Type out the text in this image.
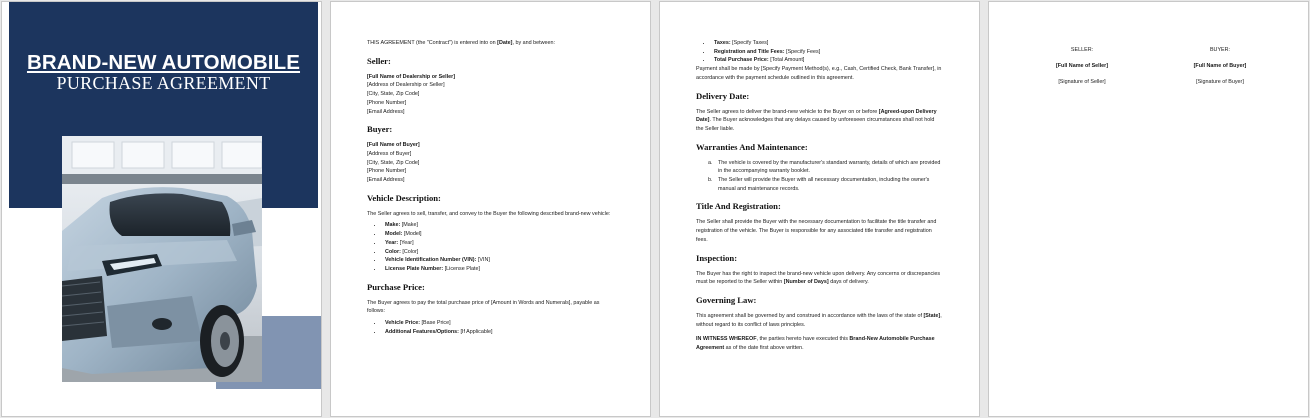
BRAND-NEW AUTOMOBILE
PURCHASE AGREEMENT

THIS AGREEMENT (the "Contract") is entered into on [Date], by and between:

Seller:

[Full Name of Dealership or Seller]

[Address of Dealership or Seller]

[City, State, Zip Code]

[Phone Number]

[Email Address]

Buyer:

[Full Name of Buyer]

[Address of Buyer]

[City, State, Zip Code]

[Phone Number]

[Email Address]

Vehicle Description:

The Seller agrees to sell, transfer, and convey to the Buyer the following described brand-new vehicle:

• Make: [Make]
• Model: [Model]
• Year: [Year]
• Color: [Color]
• Vehicle Identification Number (VIN): [VIN]
• License Plate Number: [License Plate]
Purchase Price:

The Buyer agrees to pay the total purchase price of [Amount in Words and Numerals], payable as follows:

• Vehicle Price: [Base Price]
• Additional Features/Options: [If Applicable]
• Taxes: [Specify Taxes]
• Registration and Title Fees: [Specify Fees]
• Total Purchase Price: [Total Amount]

Payment shall be made by [Specify Payment Method(s), e.g., Cash, Certified Check, Bank Transfer], in accordance with the payment schedule outlined in this agreement.

Delivery Date:

The Seller agrees to deliver the brand-new vehicle to the Buyer on or before [Agreed-upon Delivery Date]. The Buyer acknowledges that any delays caused by unforeseen circumstances shall not hold the Seller liable.

Warranties And Maintenance:
a. The vehicle is covered by the manufacturer's standard warranty, details of which are provided in the accompanying warranty booklet.
b. The Seller will provide the Buyer with all necessary documentation, including the owner's manual and maintenance records.
Title And Registration:

The Seller shall provide the Buyer with the necessary documentation to facilitate the title transfer and registration of the vehicle. The Buyer is responsible for any associated title transfer and registration fees.

Inspection:

The Buyer has the right to inspect the brand-new vehicle upon delivery. Any concerns or discrepancies must be reported to the Seller within [Number of Days] days of delivery.

Governing Law:

This agreement shall be governed by and construed in accordance with the laws of the state of [State], without regard to its conflict of laws principles.

IN WITNESS WHEREOF, the parties hereto have executed this Brand-New Automobile Purchase Agreement as of the date first above written.

SELLER:

[Full Name of Seller]

[Signature of Seller]

BUYER:

[Full Name of Buyer]

[Signature of Buyer]
